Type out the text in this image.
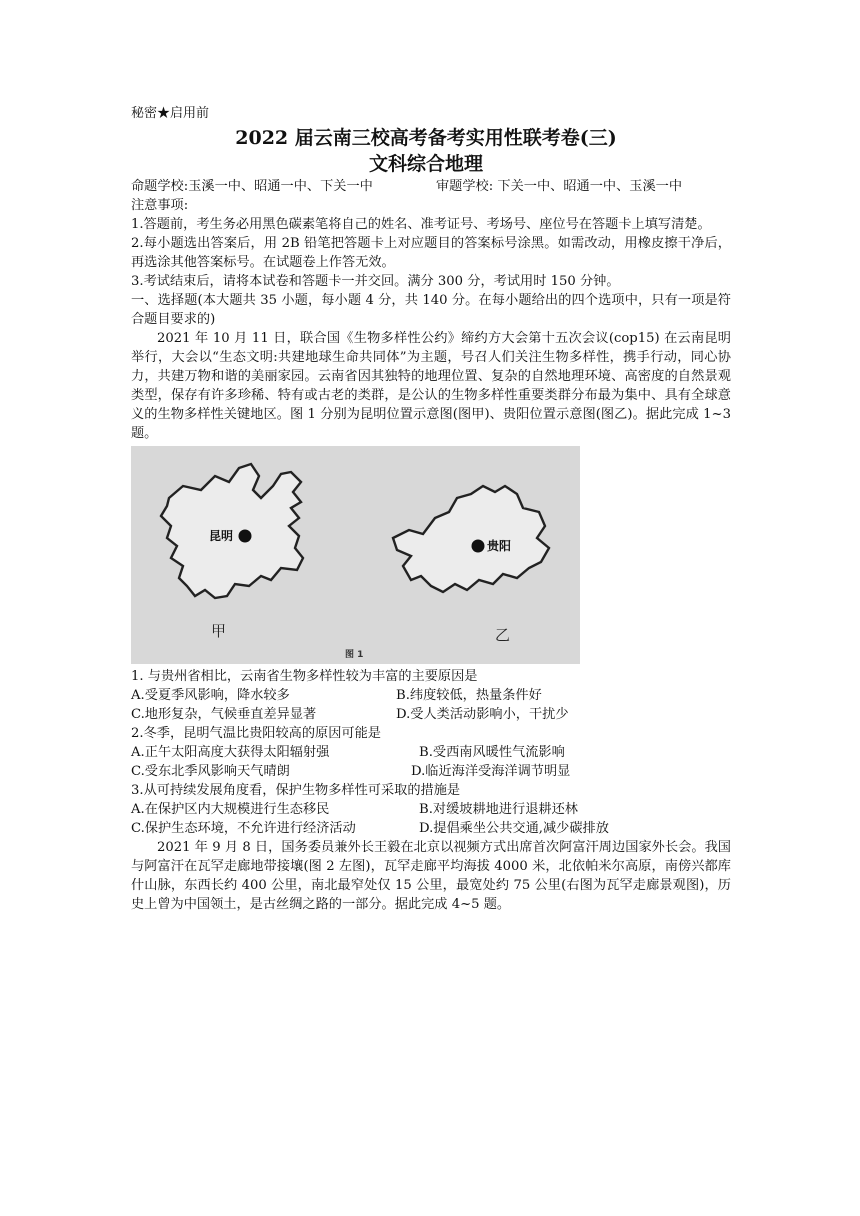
秘密★启用前
2022 届云南三校高考备考实用性联考卷(三)
文科综合地理
命题学校:玉溪一中、昭通一中、下关一中	审题学校: 下关一中、昭通一中、玉溪一中
注意事项:
1.答题前，考生务必用黑色碳素笔将自己的姓名、准考证号、考场号、座位号在答题卡上填写清楚。
2.每小题选出答案后，用 2B 铅笔把答题卡上对应题目的答案标号涂黑。如需改动，用橡皮擦干净后，再选涂其他答案标号。在试题卷上作答无效。
3.考试结束后，请将本试卷和答题卡一并交回。满分 300 分，考试用时 150 分钟。
一、选择题(本大题共 35 小题，每小题 4 分，共 140 分。在每小题给出的四个选项中，只有一项是符合题目要求的)
2021 年 10 月 11 日，联合国《生物多样性公约》缔约方大会第十五次会议(cop15) 在云南昆明举行，大会以“生态文明:共建地球生命共同体”为主题，号召人们关注生物多样性，携手行动，同心协力，共建万物和谐的美丽家园。云南省因其独特的地理位置、复杂的自然地理环境、高密度的自然景观类型，保存有许多珍稀、特有或古老的类群，是公认的生物多样性重要类群分布最为集中、具有全球意义的生物多样性关键地区。图 1 分别为昆明位置示意图(图甲)、贵阳位置示意图(图乙)。据此完成 1~3 题。
昆明
贵阳
甲	乙
图 1
1. 与贵州省相比，云南省生物多样性较为丰富的主要原因是
A.受夏季风影响，降水较多	B.纬度较低，热量条件好
C.地形复杂，气候垂直差异显著	D.受人类活动影响小，干扰少
2.冬季，昆明气温比贵阳较高的原因可能是
A.正午太阳高度大获得太阳辐射强	B.受西南风暖性气流影响
C.受东北季风影响天气晴朗	D.临近海洋受海洋调节明显
3.从可持续发展角度看，保护生物多样性可采取的措施是
A.在保护区内大规模进行生态移民	B.对缓坡耕地进行退耕还林
C.保护生态环境，不允许进行经济活动	D.提倡乘坐公共交通,减少碳排放
2021 年 9 月 8 日，国务委员兼外长王毅在北京以视频方式出席首次阿富汗周边国家外长会。我国与阿富汗在瓦罕走廊地带接壤(图 2 左图)，瓦罕走廊平均海拔 4000 米，北依帕米尔高原，南傍兴都库什山脉，东西长约 400 公里，南北最窄处仅 15 公里，最宽处约 75 公里(右图为瓦罕走廊景观图)，历史上曾为中国领土，是古丝绸之路的一部分。据此完成 4~5 题。
